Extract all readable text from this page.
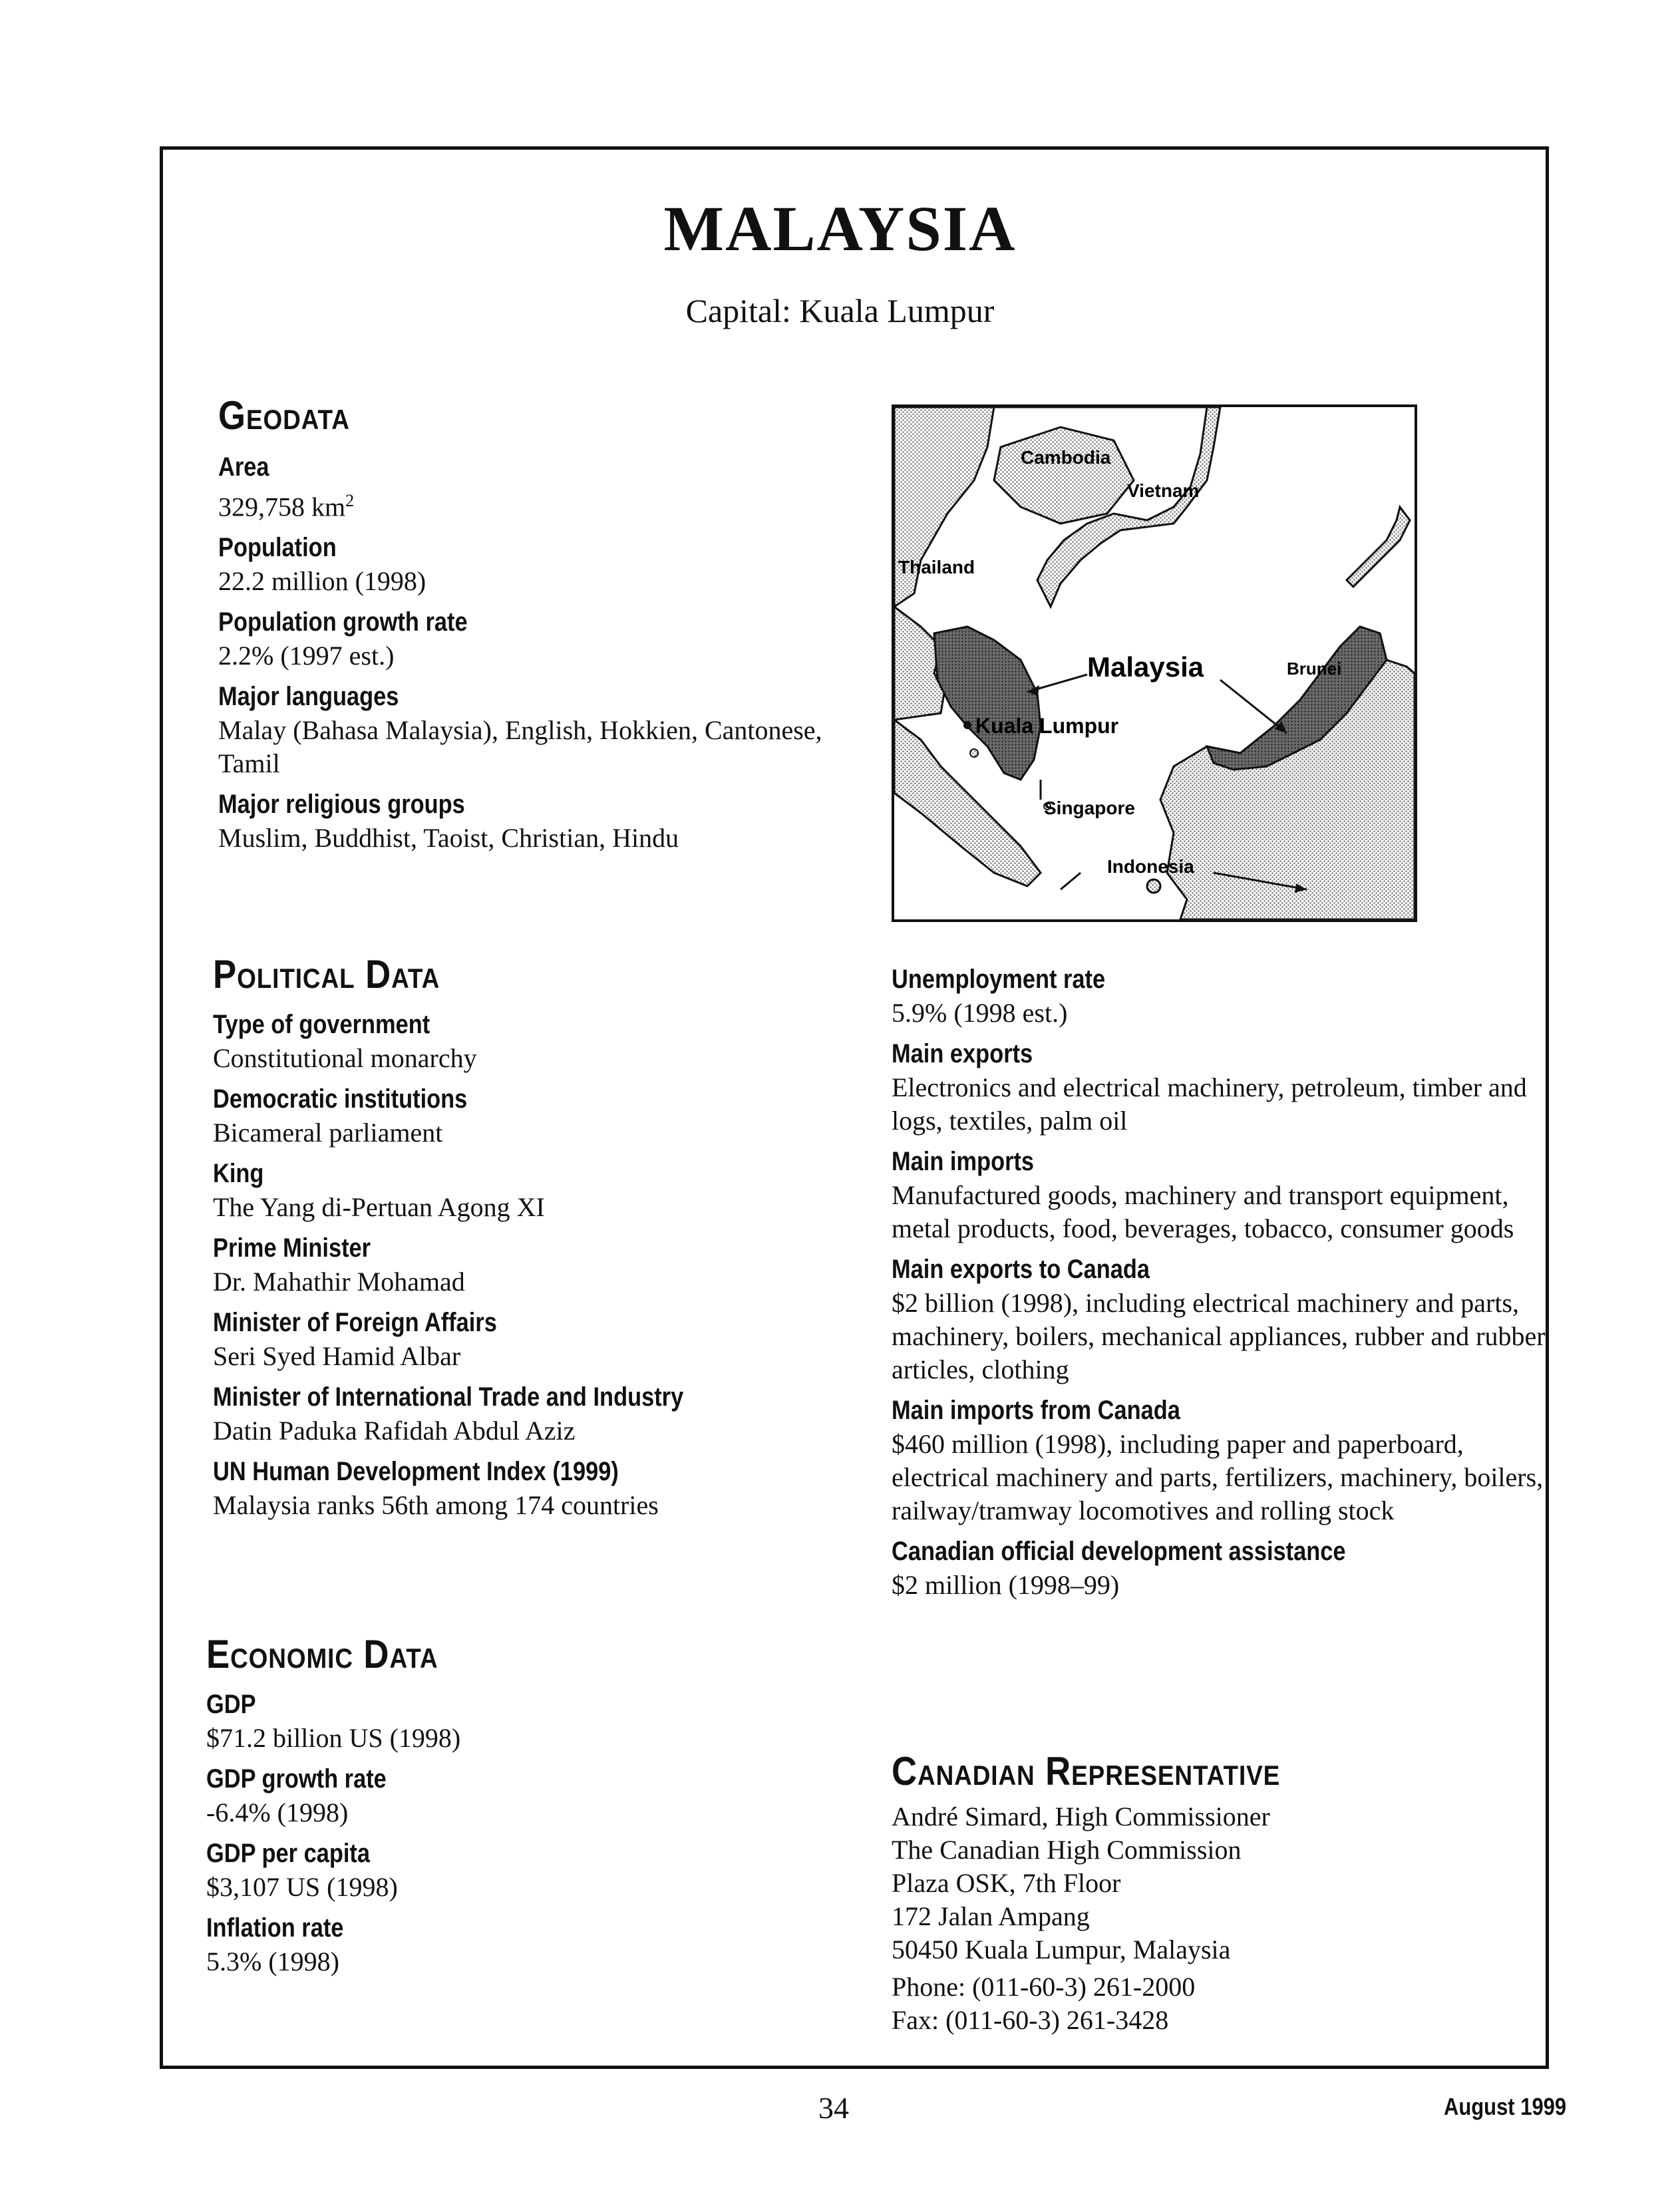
MALAYSIA
Capital: Kuala Lumpur
Geodata
Area
329,758 $km^2$
Population
22.2 million (1998)
Population growth rate
2.2% (1997 est.)
Major languages
Malay (Bahasa Malaysia), English, Hokkien, Cantonese, Tamil
Major religious groups
Muslim, Buddhist, Taoist, Christian, Hindu
Cambodia
Vietnam
Thailand
Malaysia	Brunei
Kuala Lumpur
Singapore
Indonesia
Political Data
Type of government
Constitutional monarchy
Democratic institutions
Bicameral parliament
King
The Yang di-Pertuan Agong XI
Prime Minister
Dr. Mahathir Mohamad
Minister of Foreign Affairs
Seri Syed Hamid Albar
Minister of International Trade and Industry
Datin Paduka Rafidah Abdul Aziz
UN Human Development Index (1999)
Malaysia ranks 56th among 174 countries
Economic Data
GDP
$71.2 billion US (1998)
GDP growth rate
-6.4% (1998)
GDP per capita
$3,107 US (1998)
Inflation rate
5.3% (1998)
Unemployment rate
5.9% (1998 est.)
Main exports
Electronics and electrical machinery, petroleum, timber and logs, textiles, palm oil
Main imports
Manufactured goods, machinery and transport equipment, metal products, food, beverages, tobacco, consumer goods
Main exports to Canada
$2 billion (1998), including electrical machinery and parts, machinery, boilers, mechanical appliances, rubber and rubber articles, clothing
Main imports from Canada
$460 million (1998), including paper and paperboard, electrical machinery and parts, fertilizers, machinery, boilers, railway/tramway locomotives and rolling stock
Canadian official development assistance
$2 million (1998–99)
Canadian Representative
André Simard, High Commissioner
The Canadian High Commission
Plaza OSK, 7th Floor
172 Jalan Ampang
50450 Kuala Lumpur, Malaysia
Phone: (011-60-3) 261-2000
Fax: (011-60-3) 261-3428
34	August 1999
